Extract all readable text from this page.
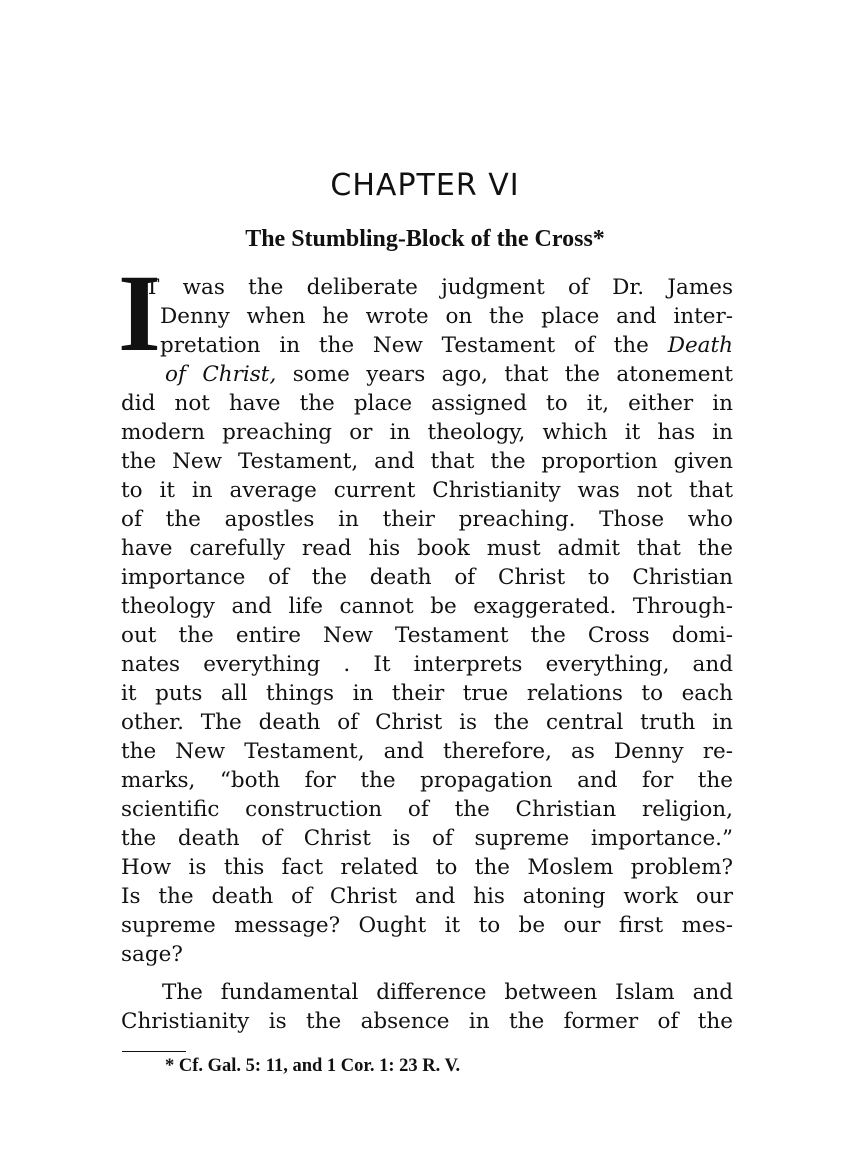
CHAPTER VI
The Stumbling-Block of the Cross*
I
T was the deliberate judgment of Dr. James
Denny when he wrote on the place and inter-
pretation in the New Testament of the Death
of Christ, some years ago, that the atonement
did not have the place assigned to it, either in
modern preaching or in theology, which it has in
the New Testament, and that the proportion given
to it in average current Christianity was not that
of the apostles in their preaching. Those who
have carefully read his book must admit that the
importance of the death of Christ to Christian
theology and life cannot be exaggerated. Through-
out the entire New Testament the Cross domi-
nates everything . It interprets everything, and
it puts all things in their true relations to each
other. The death of Christ is the central truth in
the New Testament, and therefore, as Denny re-
marks, “both for the propagation and for the
scientific construction of the Christian religion,
the death of Christ is of supreme importance.”
How is this fact related to the Moslem problem?
Is the death of Christ and his atoning work our
supreme message? Ought it to be our first mes-
sage?
The fundamental difference between Islam and
Christianity is the absence in the former of the
* Cf. Gal. 5: 11, and 1 Cor. 1: 23 R. V.
